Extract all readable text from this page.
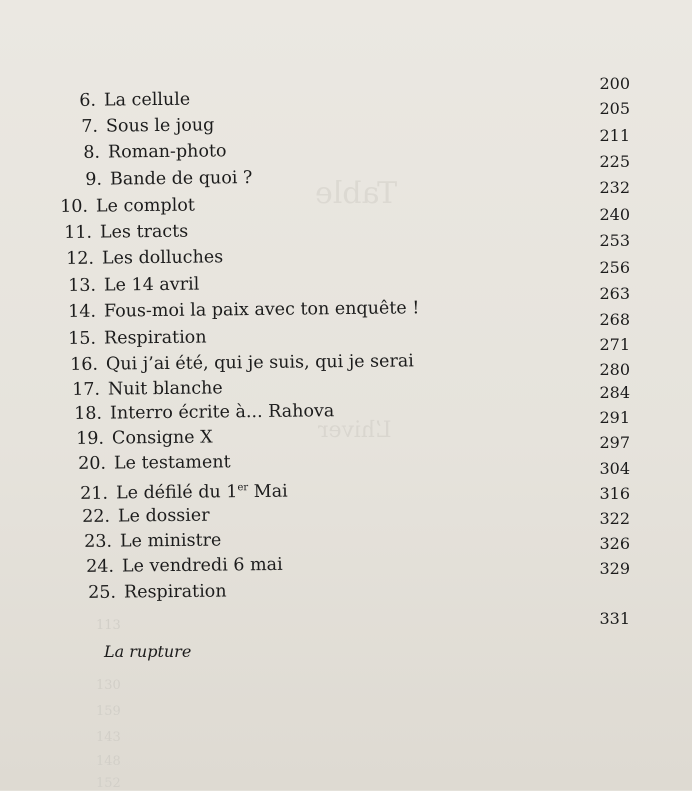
Table
L’hiver
113
130
159
143
148
152
6. La cellule
7. Sous le joug
8. Roman-photo
9. Bande de quoi ?
10. Le complot
11. Les tracts
12. Les dolluches
13. Le 14 avril
14. Fous-moi la paix avec ton enquête !
15. Respiration
16. Qui j’ai été, qui je suis, qui je serai
17. Nuit blanche
18. Interro écrite à... Rahova
19. Consigne X
20. Le testament
21. Le défilé du 1er Mai
22. Le dossier
23. Le ministre
24. Le vendredi 6 mai
25. Respiration
200
205
211
225
232
240
253
256
263
268
271
280
284
291
297
304
316
322
326
329
331
La rupture
